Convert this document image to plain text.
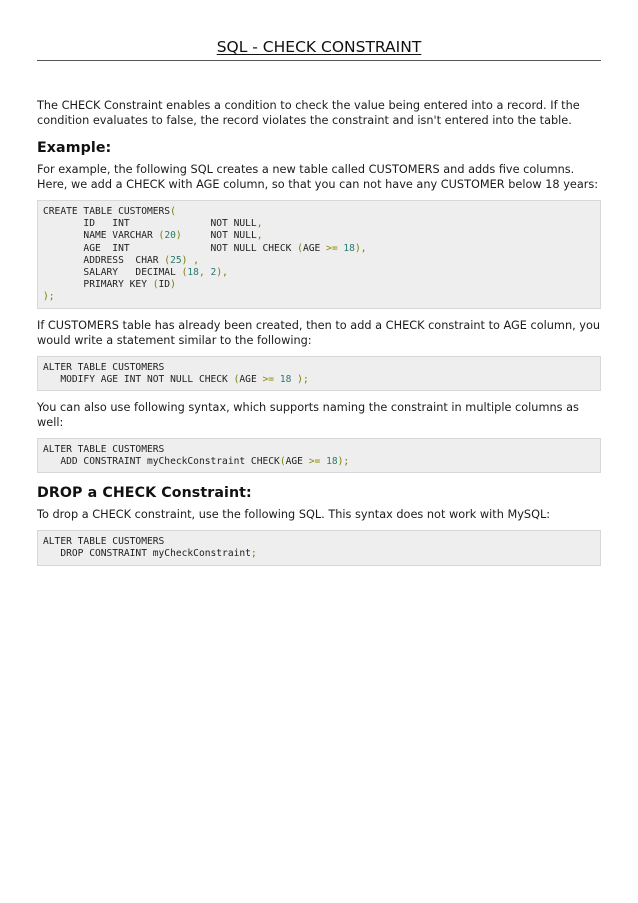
SQL - CHECK CONSTRAINT

The CHECK Constraint enables a condition to check the value being entered into a record. If the condition evaluates to false, the record violates the constraint and isn't entered into the table.

Example:

For example, the following SQL creates a new table called CUSTOMERS and adds five columns. Here, we add a CHECK with AGE column, so that you can not have any CUSTOMER below 18 years:

CREATE TABLE CUSTOMERS(
ID   INT              NOT NULL,
NAME VARCHAR (20)     NOT NULL,
AGE  INT              NOT NULL CHECK (AGE >= 18),
ADDRESS  CHAR (25) ,
SALARY   DECIMAL (18, 2),
PRIMARY KEY (ID)
);

If CUSTOMERS table has already been created, then to add a CHECK constraint to AGE column, you would write a statement similar to the following:

ALTER TABLE CUSTOMERS
MODIFY AGE INT NOT NULL CHECK (AGE >= 18 );

You can also use following syntax, which supports naming the constraint in multiple columns as well:

ALTER TABLE CUSTOMERS
ADD CONSTRAINT myCheckConstraint CHECK(AGE >= 18);
DROP a CHECK Constraint:

To drop a CHECK constraint, use the following SQL. This syntax does not work with MySQL:

ALTER TABLE CUSTOMERS
DROP CONSTRAINT myCheckConstraint;
